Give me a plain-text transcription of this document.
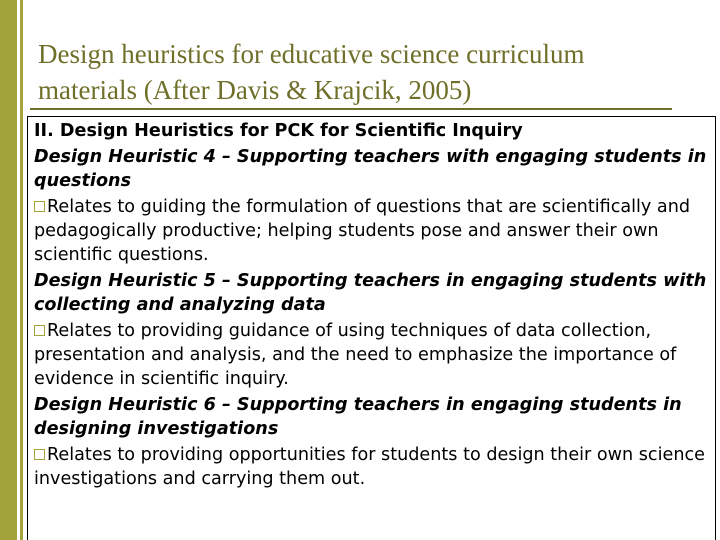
Design heuristics for educative science curriculum
materials (After Davis & Krajcik, 2005)

II. Design Heuristics for PCK for Scientific Inquiry

Design Heuristic 4 – Supporting teachers with engaging students in questions

Relates to guiding the formulation of questions that are scientifically and pedagogically productive; helping students pose and answer their own scientific questions.

Design Heuristic 5 – Supporting teachers in engaging students with collecting and analyzing data

Relates to providing guidance of using techniques of data collection, presentation and analysis, and the need to emphasize the importance of evidence in scientific inquiry.

Design Heuristic 6 – Supporting teachers in engaging students in designing investigations

Relates to providing opportunities for students to design their own science investigations and carrying them out.
